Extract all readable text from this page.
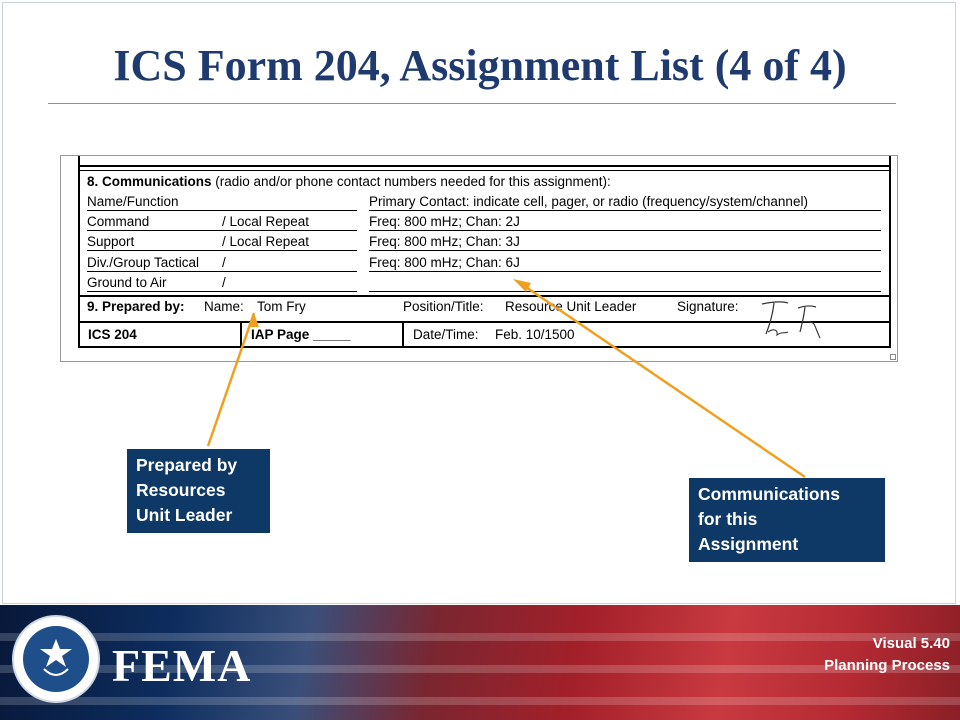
ICS Form 204, Assignment List (4 of 4)
8. Communications (radio and/or phone contact numbers needed for this assignment):
Name/Function	Primary Contact: indicate cell, pager, or radio (frequency/system/channel)
Command	/ Local Repeat	Freq: 800 mHz; Chan: 2J
Support	/ Local Repeat	Freq: 800 mHz; Chan: 3J
Div./Group Tactical /	Freq: 800 mHz; Chan: 6J
Ground to Air	/
9. Prepared by: Name: Tom Fry	Position/Title: Resource Unit Leader	Signature:
ICS 204	IAP Page _____	Date/Time: Feb. 10/1500
Prepared by
Resources
Unit Leader
Communications
for this
Assignment
FEMA	Visual 5.40
Planning Process
